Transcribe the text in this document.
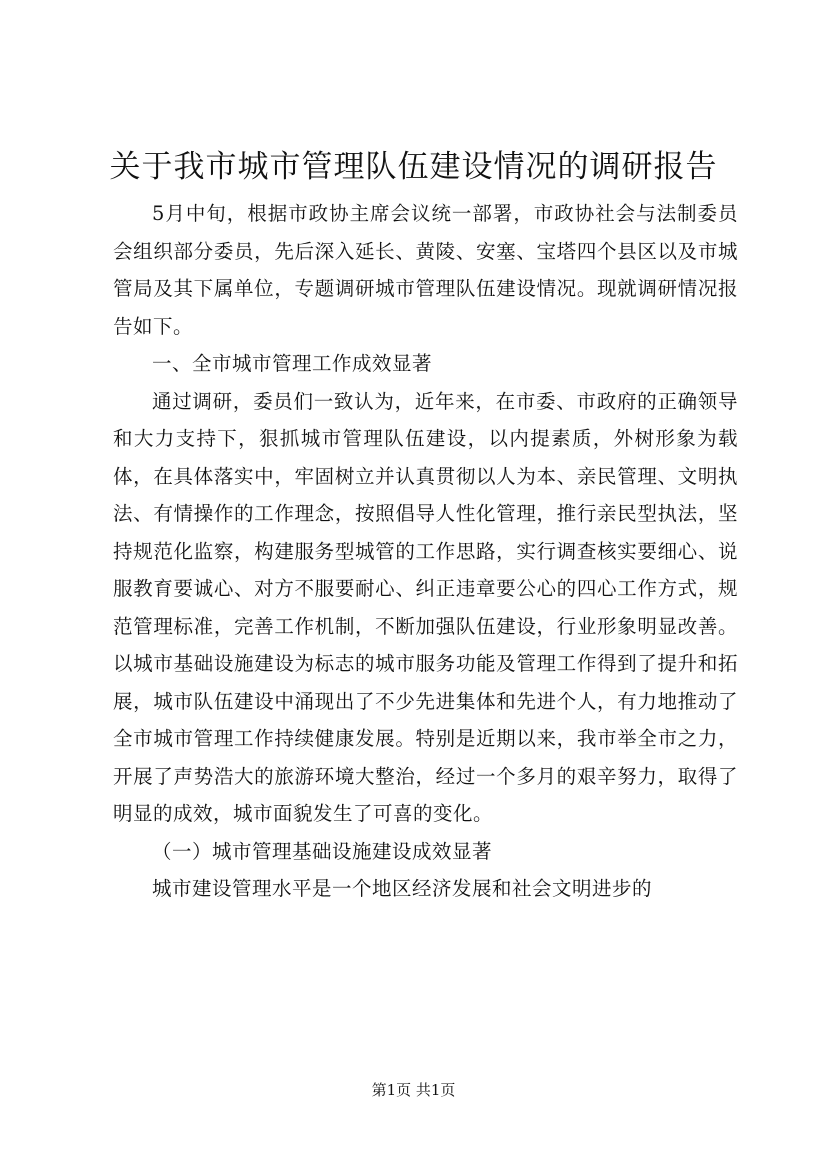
关于我市城市管理队伍建设情况的调研报告

5月中旬，根据市政协主席会议统一部署，市政协社会与法制委员会组织部分委员，先后深入延长、黄陵、安塞、宝塔四个县区以及市城管局及其下属单位，专题调研城市管理队伍建设情况。现就调研情况报告如下。

一、全市城市管理工作成效显著

通过调研，委员们一致认为，近年来，在市委、市政府的正确领导和大力支持下，狠抓城市管理队伍建设，以内提素质，外树形象为载体，在具体落实中，牢固树立并认真贯彻以人为本、亲民管理、文明执法、有情操作的工作理念，按照倡导人性化管理，推行亲民型执法，坚持规范化监察，构建服务型城管的工作思路，实行调查核实要细心、说服教育要诚心、对方不服要耐心、纠正违章要公心的四心工作方式，规范管理标准，完善工作机制，不断加强队伍建设，行业形象明显改善。以城市基础设施建设为标志的城市服务功能及管理工作得到了提升和拓展，城市队伍建设中涌现出了不少先进集体和先进个人，有力地推动了全市城市管理工作持续健康发展。特别是近期以来，我市举全市之力，开展了声势浩大的旅游环境大整治，经过一个多月的艰辛努力，取得了明显的成效，城市面貌发生了可喜的变化。

（一）城市管理基础设施建设成效显著

城市建设管理水平是一个地区经济发展和社会文明进步的

第1页 共1页
